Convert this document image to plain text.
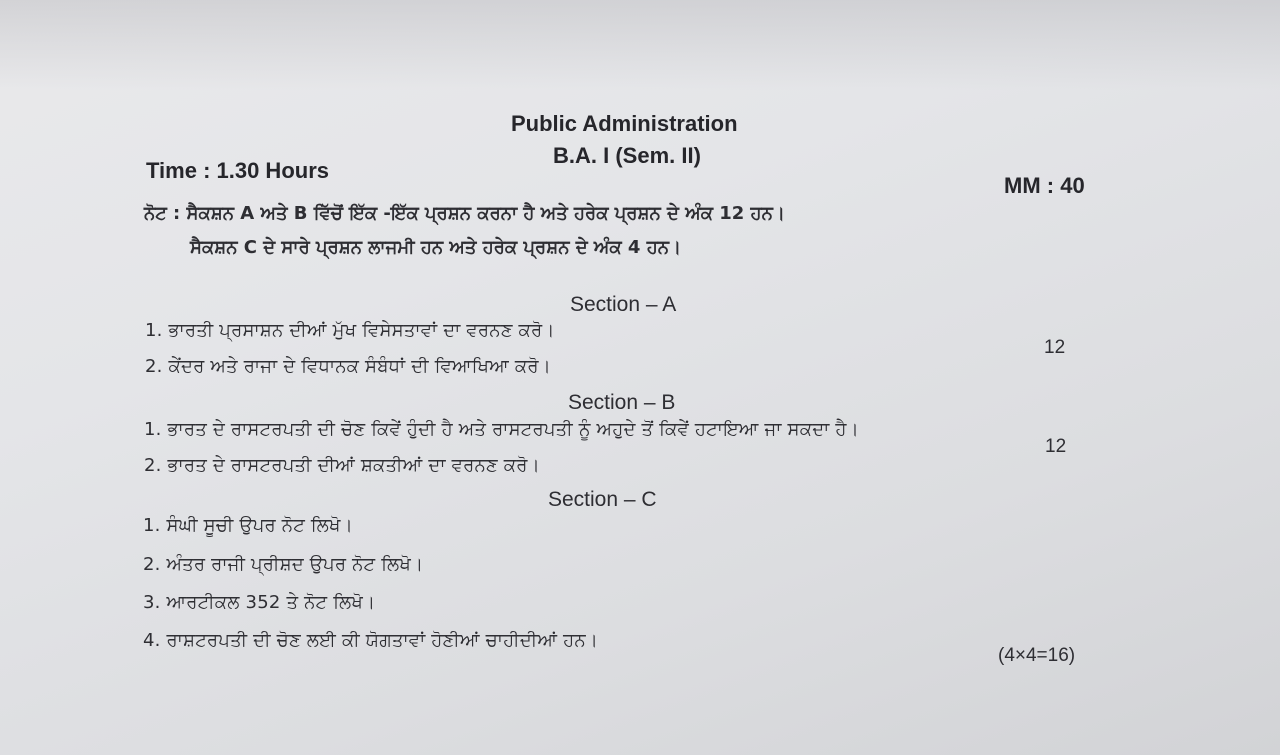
Public Administration
B.A. I (Sem. II)
Time : 1.30 Hours
MM : 40
ਨੋਟ : ਸੈਕਸ਼ਨ A ਅਤੇ B ਵਿੱਚੋਂ ਇੱਕ -ਇੱਕ ਪ੍ਰਸ਼ਨ ਕਰਨਾ ਹੈ ਅਤੇ ਹਰੇਕ ਪ੍ਰਸ਼ਨ ਦੇ ਅੰਕ 12 ਹਨ।
ਸੈਕਸ਼ਨ C ਦੇ ਸਾਰੇ ਪ੍ਰਸ਼ਨ ਲਾਜਮੀ ਹਨ ਅਤੇ ਹਰੇਕ ਪ੍ਰਸ਼ਨ ਦੇ ਅੰਕ 4 ਹਨ।
Section – A
1. ਭਾਰਤੀ ਪ੍ਰਸਾਸ਼ਨ ਦੀਆਂ ਮੁੱਖ ਵਿਸੇਸਤਾਵਾਂ ਦਾ ਵਰਨਣ ਕਰੋ।
12
2. ਕੇਂਦਰ ਅਤੇ ਰਾਜਾ ਦੇ ਵਿਧਾਨਕ ਸੰਬੰਧਾਂ ਦੀ ਵਿਆਖਿਆ ਕਰੋ।
Section – B
1. ਭਾਰਤ ਦੇ ਰਾਸਟਰਪਤੀ ਦੀ ਚੋਣ ਕਿਵੇਂ ਹੁੰਦੀ ਹੈ ਅਤੇ ਰਾਸਟਰਪਤੀ ਨੂੰ ਅਹੁਦੇ ਤੋਂ ਕਿਵੇਂ ਹਟਾਇਆ ਜਾ ਸਕਦਾ ਹੈ।
12
2. ਭਾਰਤ ਦੇ ਰਾਸਟਰਪਤੀ ਦੀਆਂ ਸ਼ਕਤੀਆਂ ਦਾ ਵਰਨਣ ਕਰੋ।
Section – C
1. ਸੰਘੀ ਸੂਚੀ ਉਪਰ ਨੋਟ ਲਿਖੋ।
2. ਅੰਤਰ ਰਾਜੀ ਪ੍ਰੀਸ਼ਦ ਉਪਰ ਨੋਟ ਲਿਖੋ।
3. ਆਰਟੀਕਲ 352 ਤੇ ਨੋਟ ਲਿਖੋ।
4. ਰਾਸ਼ਟਰਪਤੀ ਦੀ ਚੋਣ ਲਈ ਕੀ ਯੋਗਤਾਵਾਂ ਹੋਣੀਆਂ ਚਾਹੀਦੀਆਂ ਹਨ।
(4×4=16)
